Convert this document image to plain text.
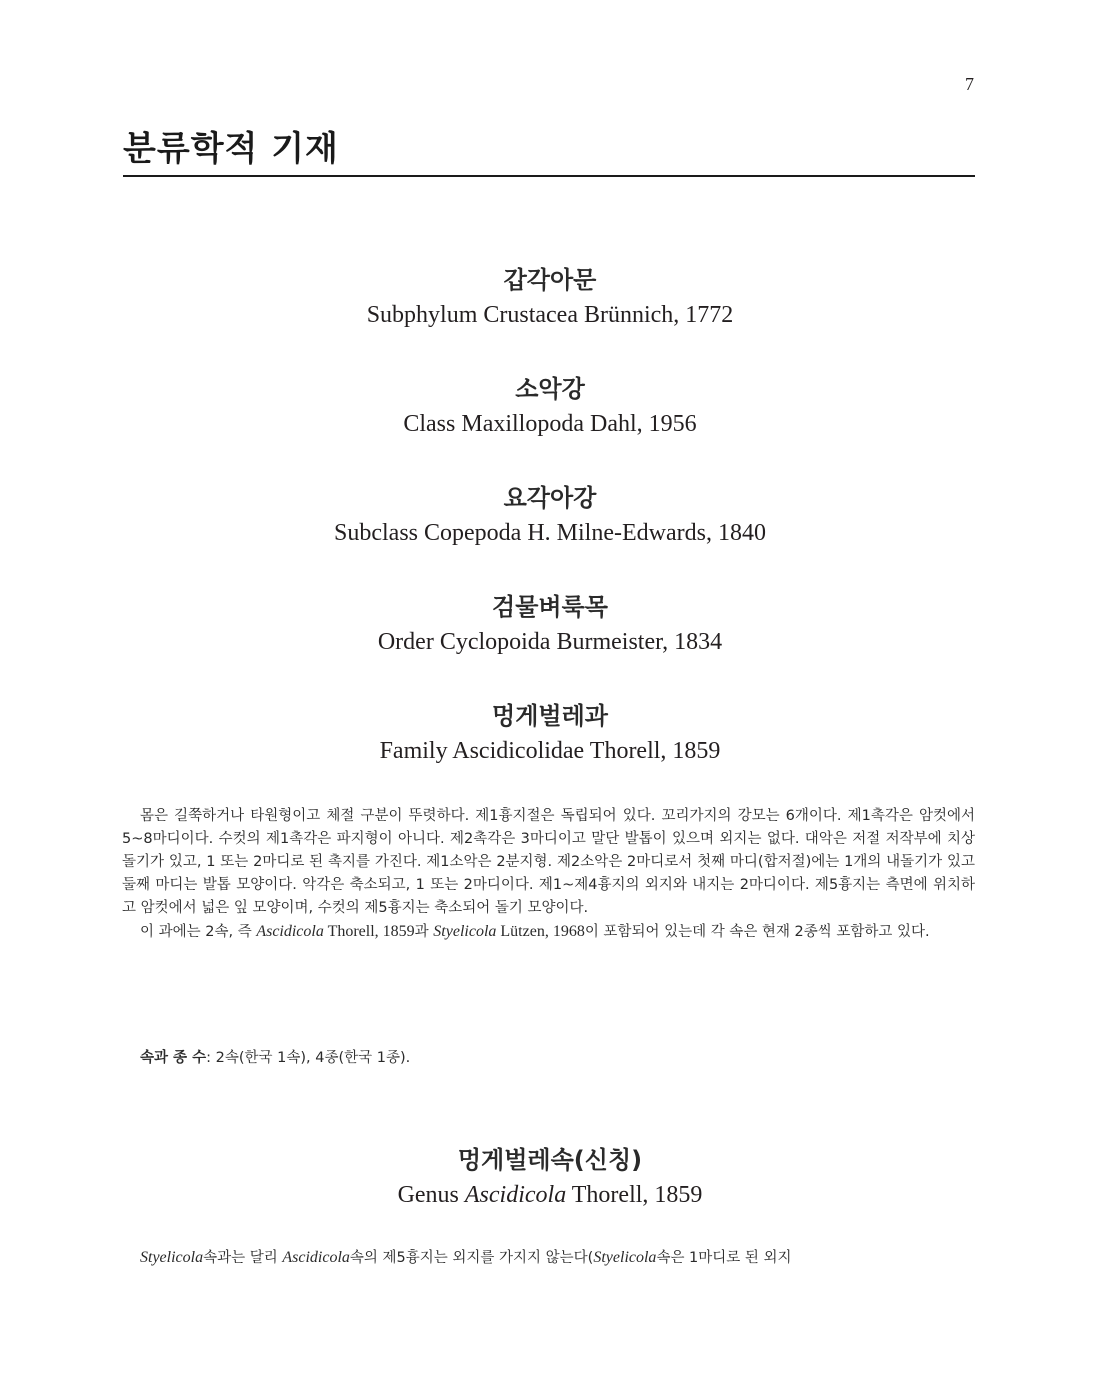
7
분류학적 기재
갑각아문
Subphylum Crustacea Brünnich, 1772
소악강
Class Maxillopoda Dahl, 1956
요각아강
Subclass Copepoda H. Milne-Edwards, 1840
검물벼룩목
Order Cyclopoida Burmeister, 1834
멍게벌레과
Family Ascidicolidae Thorell, 1859

몸은 길쭉하거나 타원형이고 체절 구분이 뚜렷하다. 제1흉지절은 독립되어 있다. 꼬리가지의 강모는 6개이다. 제1촉각은 암컷에서 5~8마디이다. 수컷의 제1촉각은 파지형이 아니다. 제2촉각은 3마디이고 말단 발톱이 있으며 외지는 없다. 대악은 저절 저작부에 치상돌기가 있고, 1 또는 2마디로 된 촉지를 가진다. 제1소악은 2분지형. 제2소악은 2마디로서 첫째 마디(합저절)에는 1개의 내돌기가 있고 둘째 마디는 발톱 모양이다. 악각은 축소되고, 1 또는 2마디이다. 제1~제4흉지의 외지와 내지는 2마디이다. 제5흉지는 측면에 위치하고 암컷에서 넓은 잎 모양이며, 수컷의 제5흉지는 축소되어 돌기 모양이다.

이 과에는 2속, 즉 Ascidicola Thorell, 1859과 Styelicola Lützen, 1968이 포함되어 있는데 각 속은 현재 2종씩 포함하고 있다.

속과 종 수: 2속(한국 1속), 4종(한국 1종).
멍게벌레속(신칭)
Genus Ascidicola Thorell, 1859
Styelicola속과는 달리 Ascidicola속의 제5흉지는 외지를 가지지 않는다(Styelicola속은 1마디로 된 외지
